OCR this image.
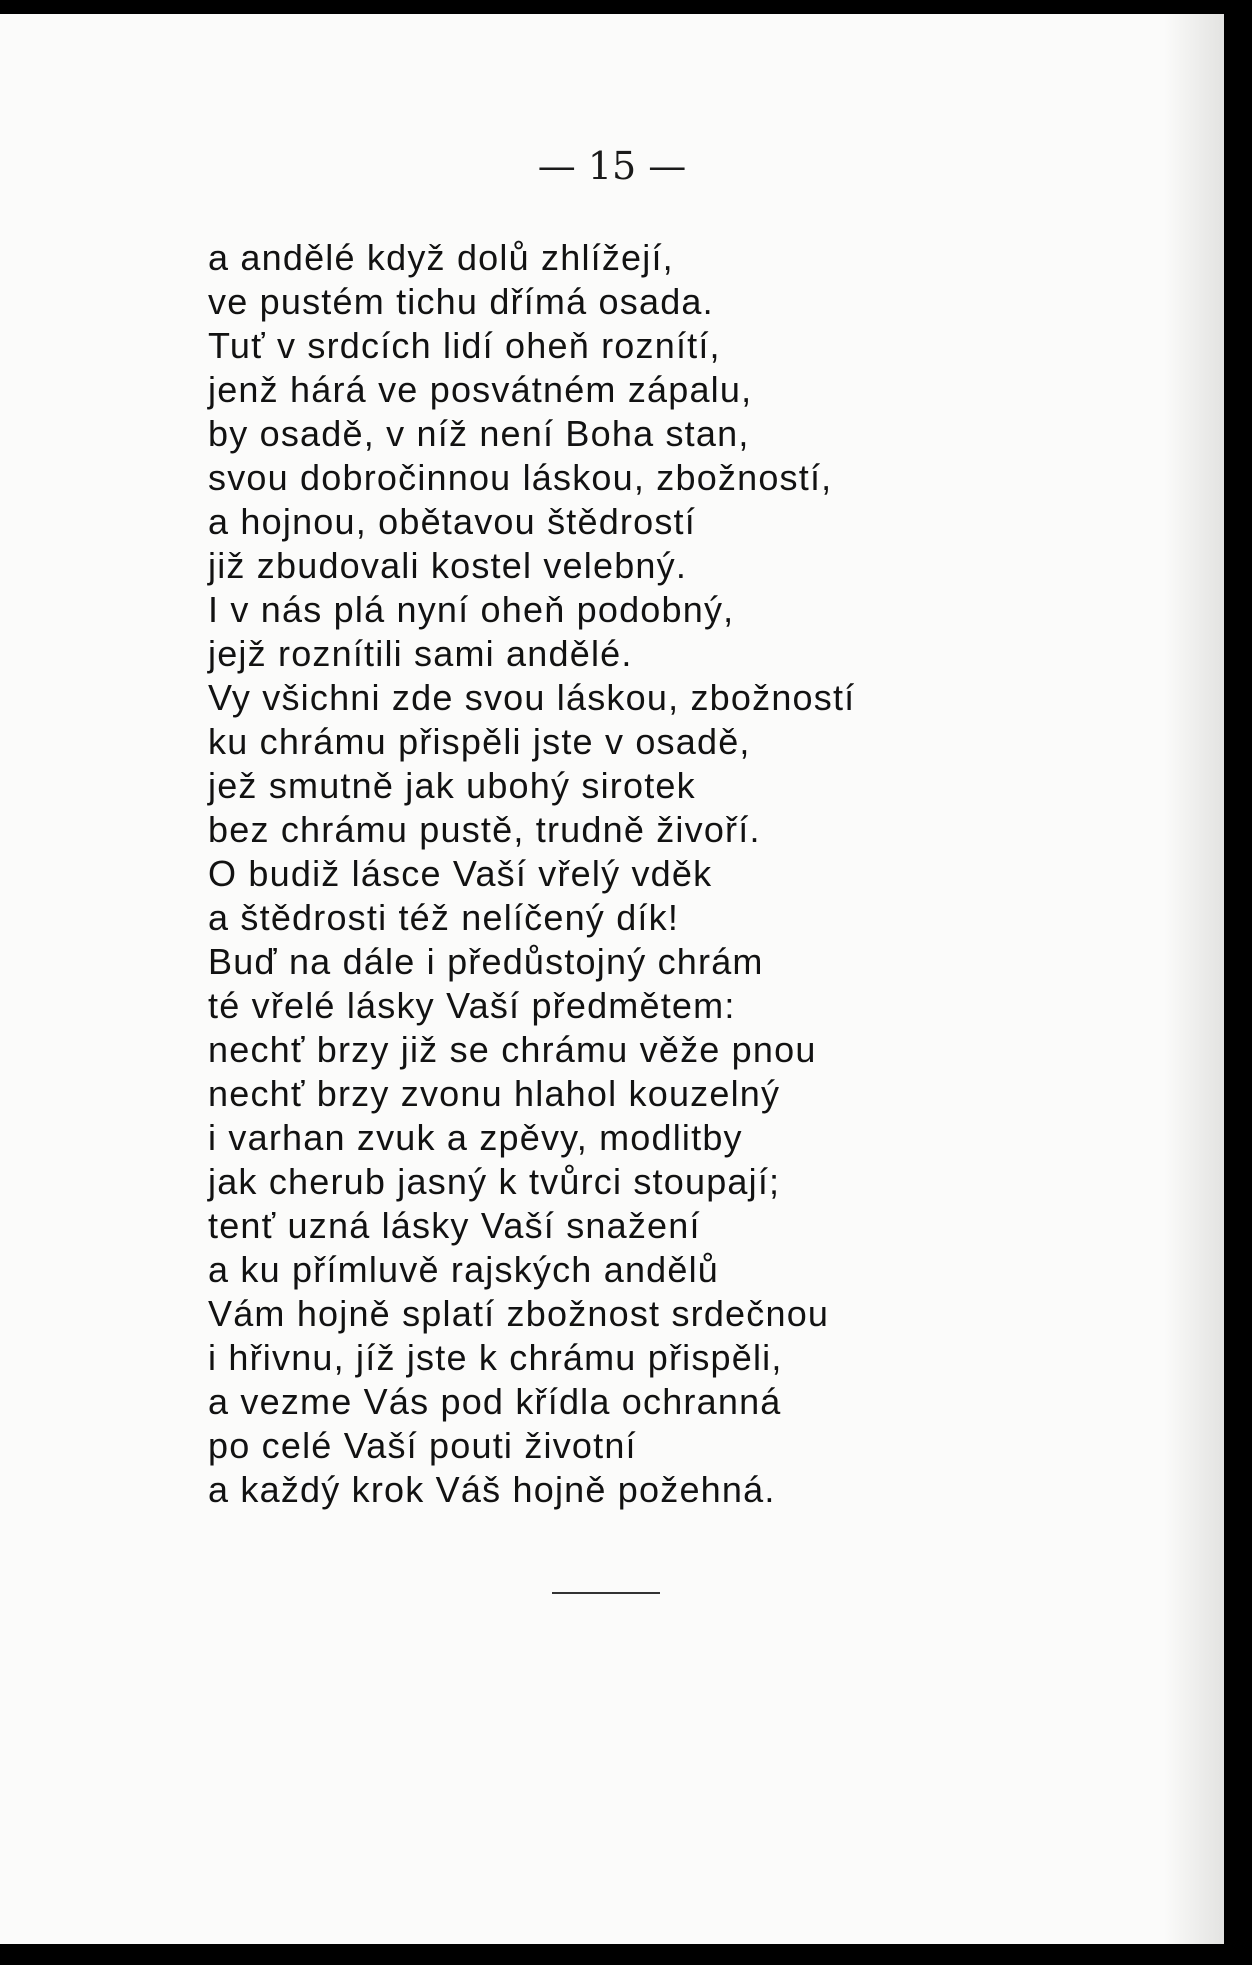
— 15 —
a andělé když dolů zhlížejí,
ve pustém tichu dřímá osada.
Tuť v srdcích lidí oheň roznítí,
jenž hárá ve posvátném zápalu,
by osadě, v níž není Boha stan,
svou dobročinnou láskou, zbožností,
a hojnou, obětavou štědrostí
již zbudovali kostel velebný.
I v nás plá nyní oheň podobný,
jejž roznítili sami andělé.
Vy všichni zde svou láskou, zbožností
ku chrámu přispěli jste v osadě,
jež smutně jak ubohý sirotek
bez chrámu pustě, trudně živoří.
O budiž lásce Vaší vřelý vděk
a štědrosti též nelíčený dík!
Buď na dále i předůstojný chrám
té vřelé lásky Vaší předmětem:
nechť brzy již se chrámu věže pnou
nechť brzy zvonu hlahol kouzelný
i varhan zvuk a zpěvy, modlitby
jak cherub jasný k tvůrci stoupají;
tenť uzná lásky Vaší snažení
a ku přímluvě rajských andělů
Vám hojně splatí zbožnost srdečnou
i hřivnu, jíž jste k chrámu přispěli,
a vezme Vás pod křídla ochranná
po celé Vaší pouti životní
a každý krok Váš hojně požehná.
